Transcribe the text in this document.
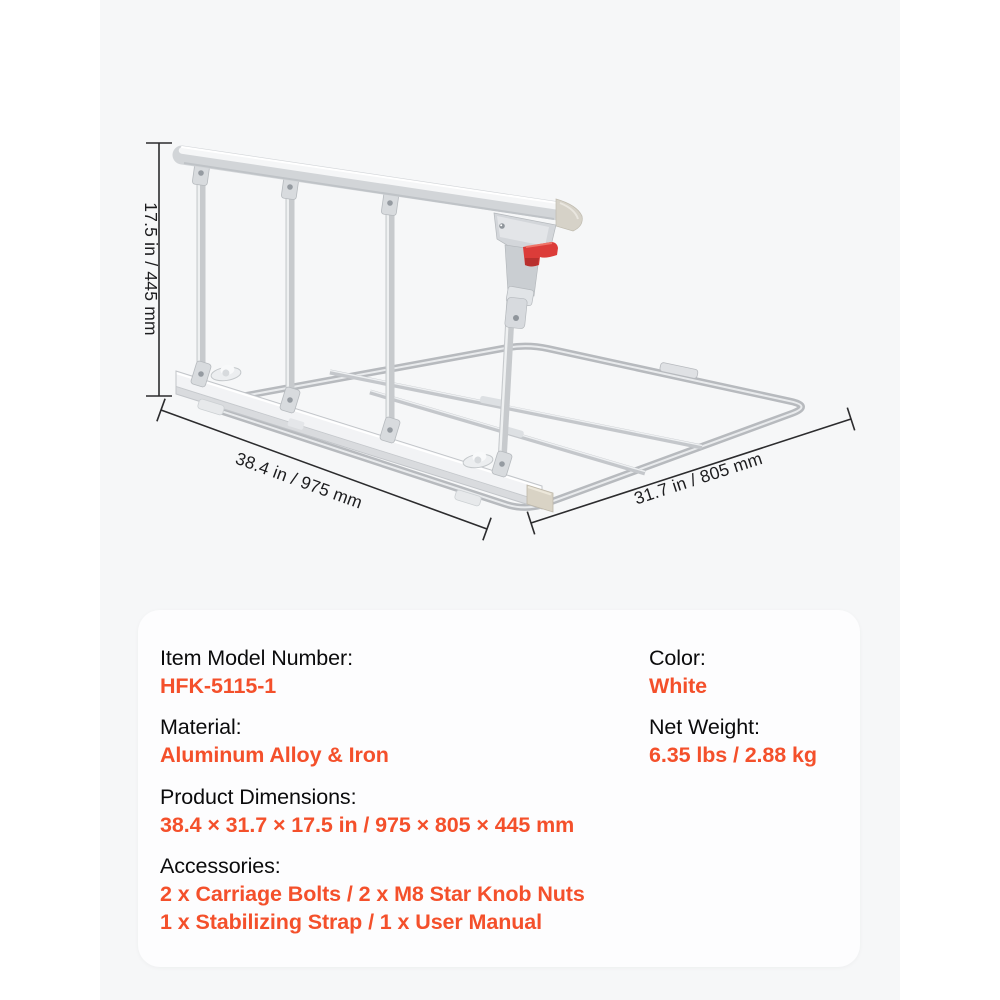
17.5 in / 445 mm
38.4 in / 975 mm	31.7 in / 805 mm
Item Model Number:
HFK-5115-1
Color:
White
Material:
Aluminum Alloy & Iron
Net Weight:
6.35 lbs / 2.88 kg
Product Dimensions:
38.4 × 31.7 × 17.5 in / 975 × 805 × 445 mm
Accessories:
2 x Carriage Bolts / 2 x M8 Star Knob Nuts
1 x Stabilizing Strap / 1 x User Manual
